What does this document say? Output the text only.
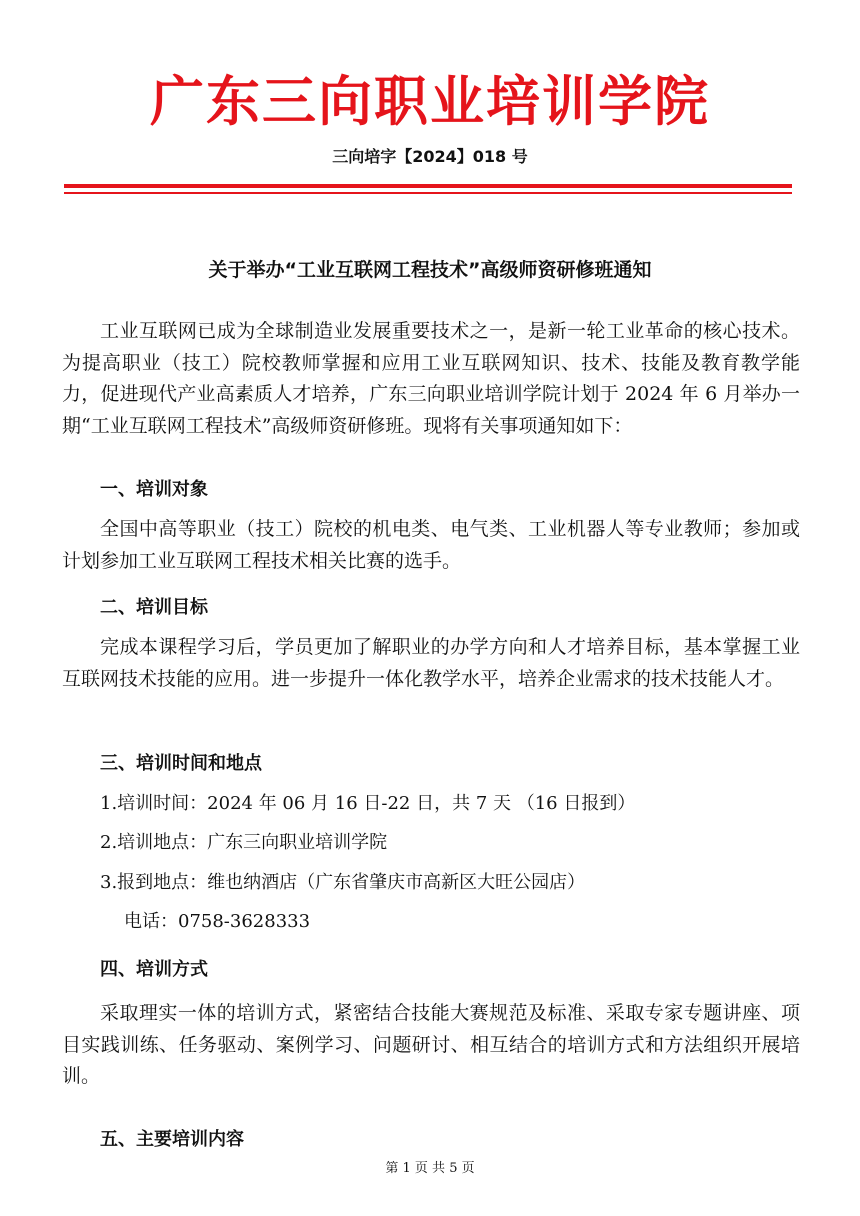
广东三向职业培训学院
三向培字【2024】018 号
关于举办“工业互联网工程技术”高级师资研修班通知

工业互联网已成为全球制造业发展重要技术之一，是新一轮工业革命的核心技术。为提高职业（技工）院校教师掌握和应用工业互联网知识、技术、技能及教育教学能力，促进现代产业高素质人才培养，广东三向职业培训学院计划于 2024 年 6 月举办一期“工业互联网工程技术”高级师资研修班。现将有关事项通知如下：

一、培训对象

全国中高等职业（技工）院校的机电类、电气类、工业机器人等专业教师；参加或计划参加工业互联网工程技术相关比赛的选手。

二、培训目标

完成本课程学习后，学员更加了解职业的办学方向和人才培养目标，基本掌握工业互联网技术技能的应用。进一步提升一体化教学水平，培养企业需求的技术技能人才。

三、培训时间和地点

1.培训时间：2024 年 06 月 16 日-22 日，共 7 天 （16 日报到）

2.培训地点：广东三向职业培训学院

3.报到地点：维也纳酒店（广东省肇庆市高新区大旺公园店）

电话：0758-3628333

四、培训方式

采取理实一体的培训方式，紧密结合技能大赛规范及标准、采取专家专题讲座、项目实践训练、任务驱动、案例学习、问题研讨、相互结合的培训方式和方法组织开展培训。

五、主要培训内容

第 1 页 共 5 页
